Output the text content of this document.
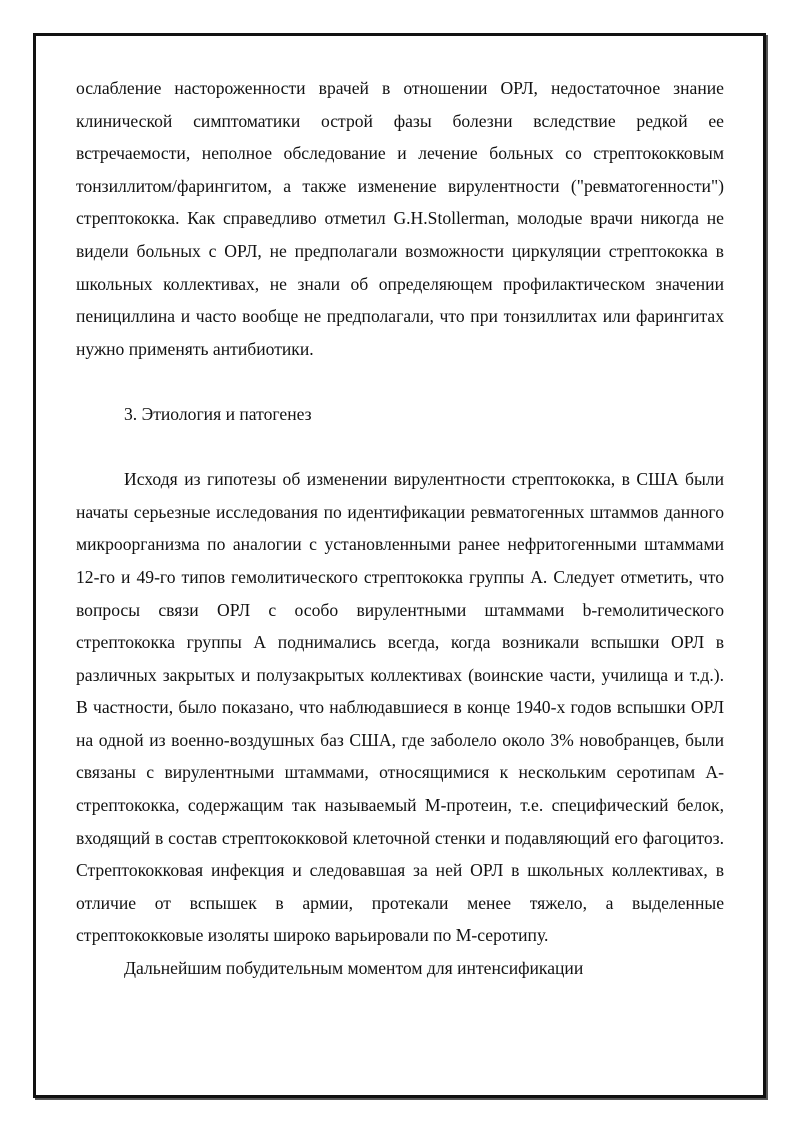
ослабление настороженности врачей в отношении ОРЛ, недостаточное знание клинической симптоматики острой фазы болезни вследствие редкой ее встречаемости, неполное обследование и лечение больных со стрептококковым тонзиллитом/фарингитом, а также изменение вирулентности ("ревматогенности") стрептококка. Как справедливо отметил G.H.Stollerman, молодые врачи никогда не видели больных с ОРЛ, не предполагали возможности циркуляции стрептококка в школьных коллективах, не знали об определяющем профилактическом значении пенициллина и часто вообще не предполагали, что при тонзиллитах или фарингитах нужно применять антибиотики.

3. Этиология и патогенез

Исходя из гипотезы об изменении вирулентности стрептококка, в США были начаты серьезные исследования по идентификации ревматогенных штаммов данного микроорганизма по аналогии с установленными ранее нефритогенными штаммами 12-го и 49-го типов гемолитического стрептококка группы А. Следует отметить, что вопросы связи ОРЛ с особо вирулентными штаммами b-гемолитического стрептококка группы А поднимались всегда, когда возникали вспышки ОРЛ в различных закрытых и полузакрытых коллективах (воинские части, училища и т.д.). В частности, было показано, что наблюдавшиеся в конце 1940-х годов вспышки ОРЛ на одной из военно-воздушных баз США, где заболело около 3% новобранцев, были связаны с вирулентными штаммами, относящимися к нескольким серотипам А-стрептококка, содержащим так называемый М-протеин, т.е. специфический белок, входящий в состав стрептококковой клеточной стенки и подавляющий его фагоцитоз. Стрептококковая инфекция и следовавшая за ней ОРЛ в школьных коллективах, в отличие от вспышек в армии, протекали менее тяжело, а выделенные стрептококковые изоляты широко варьировали по М-серотипу.

Дальнейшим побудительным моментом для интенсификации
